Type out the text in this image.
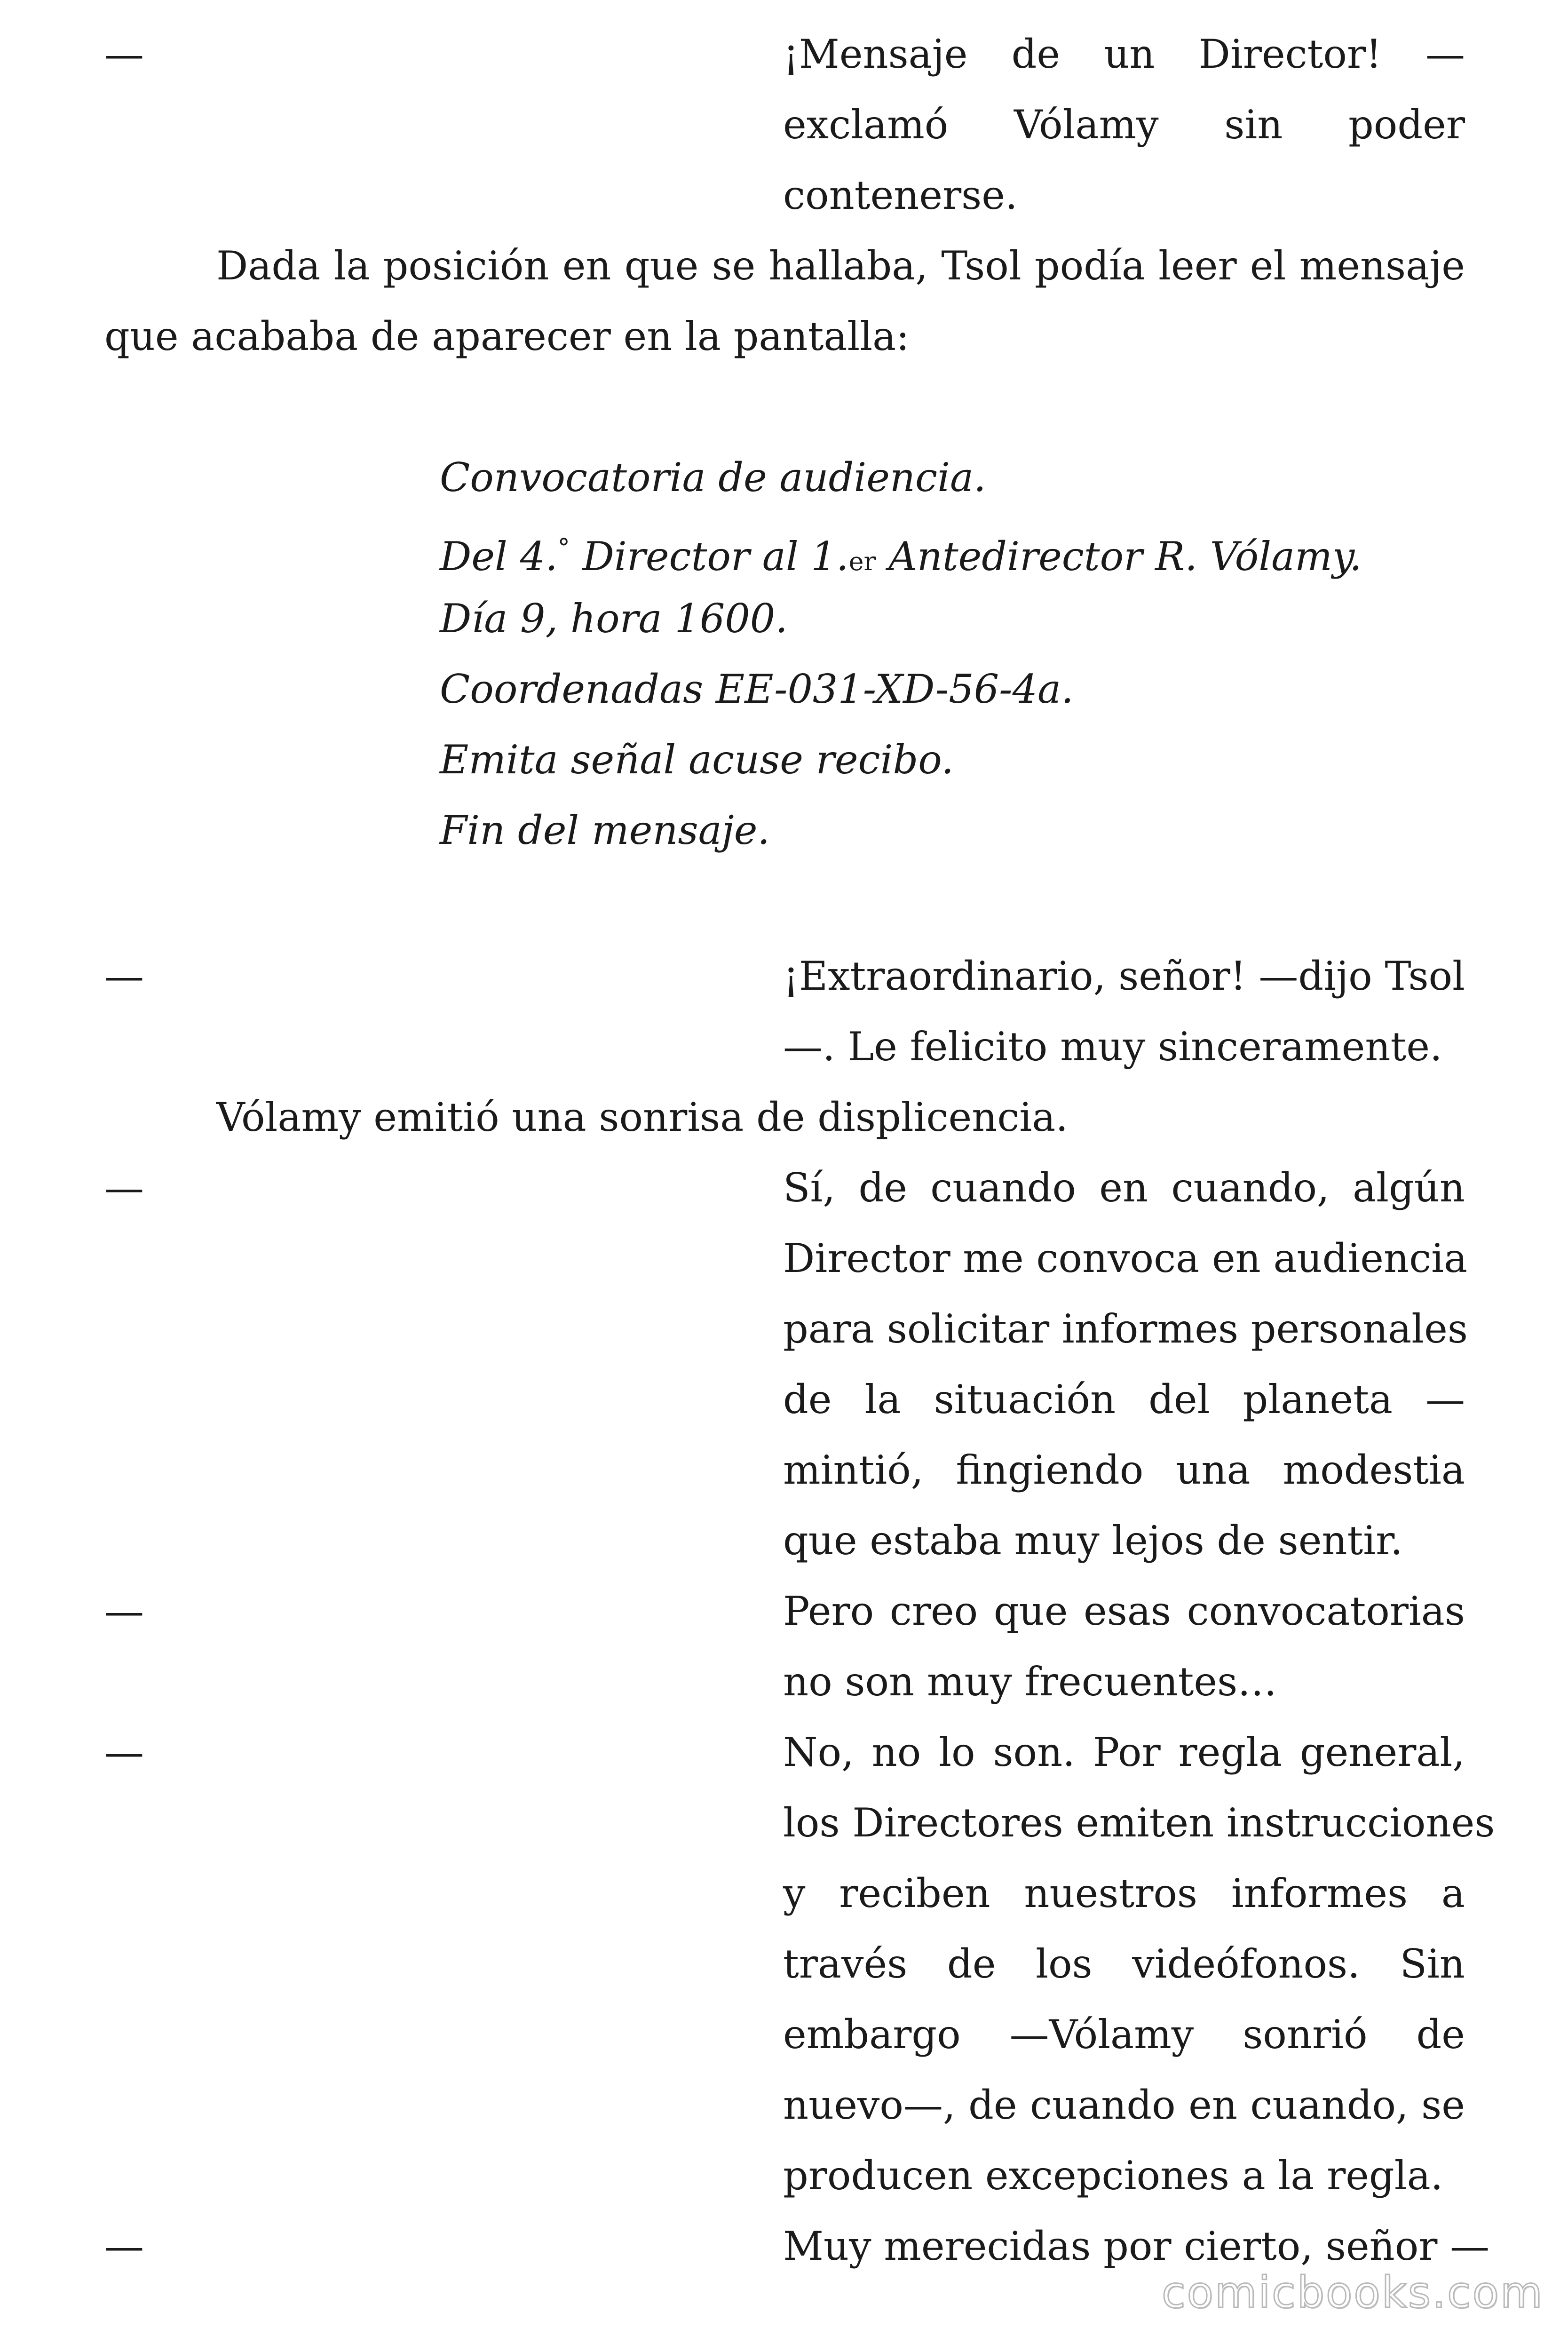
—	¡Mensaje de un Director! —
exclamó Vólamy sin poder
contenerse.
Dada la posición en que se hallaba, Tsol podía leer el mensaje
que acababa de aparecer en la pantalla:
Convocatoria de audiencia.
Del 4.° Director al 1.er Antedirector R. Vólamy.
Día 9, hora 1600.
Coordenadas EE-031-XD-56-4a.
Emita señal acuse recibo.
Fin del mensaje.
—	¡Extraordinario, señor! —dijo Tsol
—. Le felicito muy sinceramente.
Vólamy emitió una sonrisa de displicencia.
—	Sí, de cuando en cuando, algún
Director me convoca en audiencia
para solicitar informes personales
de la situación del planeta —
mintió, fingiendo una modestia
que estaba muy lejos de sentir.
—	Pero creo que esas convocatorias
no son muy frecuentes…
—	No, no lo son. Por regla general,
los Directores emiten instrucciones
y reciben nuestros informes a
través de los videófonos. Sin
embargo —Vólamy sonrió de
nuevo—, de cuando en cuando, se
producen excepciones a la regla.
—	Muy merecidas por cierto, señor —
comicbooks.com
